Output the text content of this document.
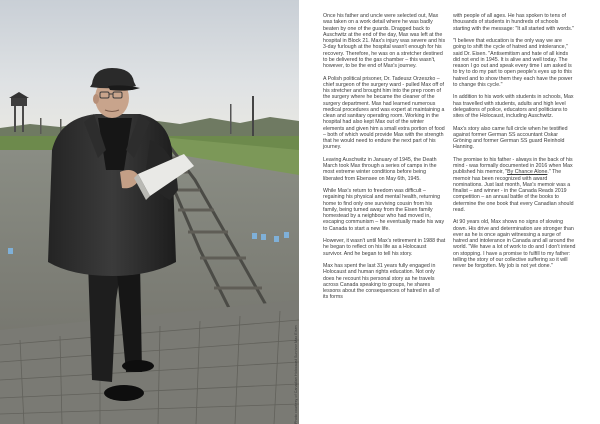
Photo courtesy of Canadian Holocaust Survivor Max Eisen

Once his father and uncle were selected out, Max was taken on a work detail where he was badly beaten by one of the guards. Dragged back to Auschwitz at the end of the day, Max was left at the hospital in Block 21. Max's injury was severe and his 3-day furlough at the hospital wasn't enough for his recovery. Therefore, he was on a stretcher destined to be delivered to the gas chamber – this wasn't, however, to be the end of Max's journey.

A Polish political prisoner, Dr. Tadeusz Orzeszko – chief surgeon of the surgery ward - pulled Max off of his stretcher and brought him into the prep room of the surgery where he became the cleaner of the surgery department. Max had learned numerous medical procedures and was expert at maintaining a clean and sanitary operating room. Working in the hospital had also kept Max out of the winter elements and given him a small extra portion of food – both of which would provide Max with the strength that he would need to endure the next part of his journey.

Leaving Auschwitz in January of 1945, the Death March took Max through a series of camps in the most extreme winter conditions before being liberated from Ebensee on May 6th, 1945.

While Max's return to freedom was difficult – regaining his physical and mental health, returning home to find only one surviving cousin from his family, being turned away from the Eisen family homestead by a neighbour who had moved in, escaping communism – he eventually made his way to Canada to start a new life.

However, it wasn't until Max's retirement in 1988 that he began to reflect on his life as a Holocaust survivor. And he began to tell his story.

Max has spent the last 31 years fully engaged in Holocaust and human rights education. Not only does he recount his personal story as he travels across Canada speaking to groups, he shares lessons about the consequences of hatred in all of its forms

with people of all ages. He has spoken to tens of thousands of students in hundreds of schools starting with the message: "It all started with words."

"I believe that education is the only way we are going to shift the cycle of hatred and intolerance," said Dr. Eisen. "Antisemitism and hate of all kinds did not end in 1945. It is alive and well today. The reason I go out and speak every time I am asked is to try to do my part to open people's eyes up to this hatred and to show them they each have the power to change this cycle."

In addition to his work with students in schools, Max has travelled with students, adults and high level delegations of police, educators and politicians to sites of the Holocaust, including Auschwitz.

Max's story also came full circle when he testified against former German SS accountant Oskar Gröning and former German SS guard Reinhold Hanning.

The promise to his father - always in the back of his mind - was formally documented in 2016 when Max published his memoir, "By Chance Alone." The memoir has been recognized with award nominations. Just last month, Max's memoir was a finalist – and winner - in the Canada Reads 2019 competition – an annual battle of the books to determine the one book that every Canadian should read.

At 90 years old, Max shows no signs of slowing down. His drive and determination are stronger than ever as he is once again witnessing a surge of hatred and intolerance in Canada and all around the world. "We have a lot of work to do and I don't intend on stopping. I have a promise to fulfill to my father: telling the story of our collective suffering so it will never be forgotten. My job is not yet done."
